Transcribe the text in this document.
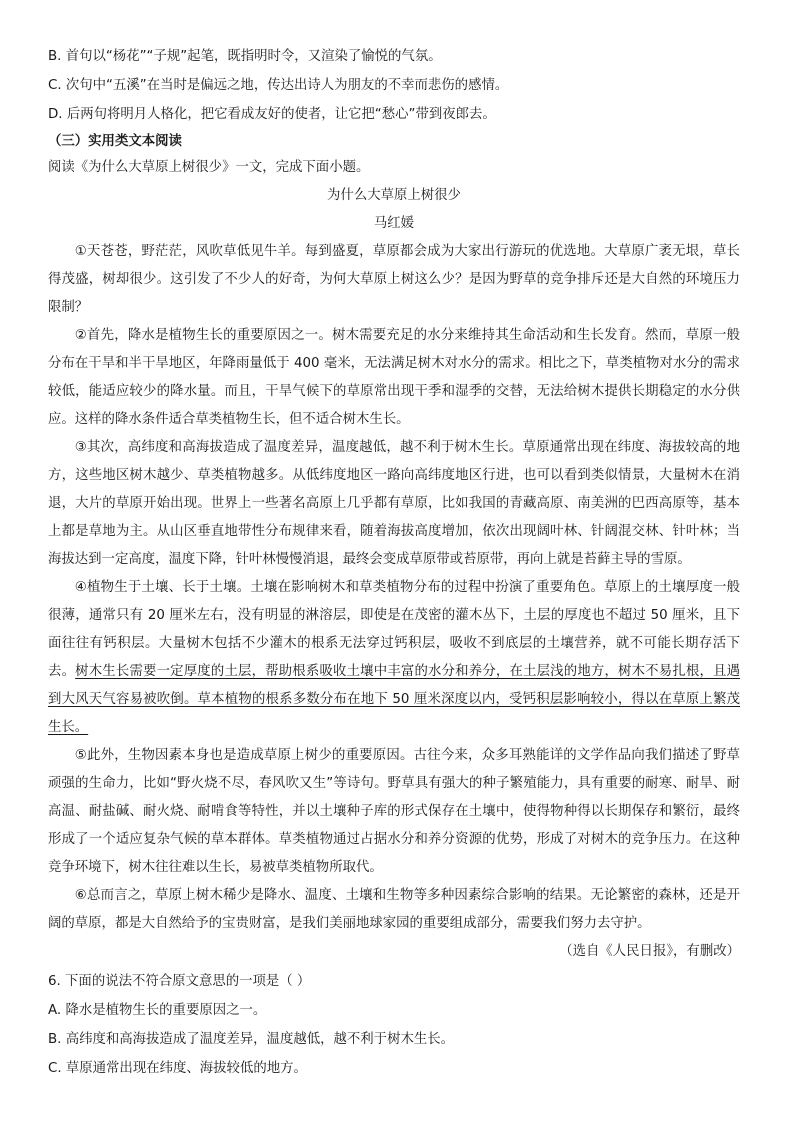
B. 首句以“杨花”“子规”起笔，既指明时令，又渲染了愉悦的气氛。
C. 次句中“五溪”在当时是偏远之地，传达出诗人为朋友的不幸而悲伤的感情。
D. 后两句将明月人格化，把它看成友好的使者，让它把“愁心”带到夜郎去。
（三）实用类文本阅读
阅读《为什么大草原上树很少》一文，完成下面小题。
为什么大草原上树很少
马红媛

①天苍苍，野茫茫，风吹草低见牛羊。每到盛夏，草原都会成为大家出行游玩的优选地。大草原广袤无垠，草长得茂盛，树却很少。这引发了不少人的好奇，为何大草原上树这么少？是因为野草的竞争排斥还是大自然的环境压力限制？

②首先，降水是植物生长的重要原因之一。树木需要充足的水分来维持其生命活动和生长发育。然而，草原一般分布在干旱和半干旱地区，年降雨量低于 400 毫米，无法满足树木对水分的需求。相比之下，草类植物对水分的需求较低，能适应较少的降水量。而且，干旱气候下的草原常出现干季和湿季的交替，无法给树木提供长期稳定的水分供应。这样的降水条件适合草类植物生长，但不适合树木生长。

③其次，高纬度和高海拔造成了温度差异，温度越低，越不利于树木生长。草原通常出现在纬度、海拔较高的地方，这些地区树木越少、草类植物越多。从低纬度地区一路向高纬度地区行进，也可以看到类似情景，大量树木在消退，大片的草原开始出现。世界上一些著名高原上几乎都有草原，比如我国的青藏高原、南美洲的巴西高原等，基本上都是草地为主。从山区垂直地带性分布规律来看，随着海拔高度增加，依次出现阔叶林、针阔混交林、针叶林；当海拔达到一定高度，温度下降，针叶林慢慢消退，最终会变成草原带或苔原带，再向上就是苔藓主导的雪原。

④植物生于土壤、长于土壤。土壤在影响树木和草类植物分布的过程中扮演了重要角色。草原上的土壤厚度一般很薄，通常只有 20 厘米左右，没有明显的淋溶层，即使是在茂密的灌木丛下，土层的厚度也不超过 50 厘米，且下面往往有钙积层。大量树木包括不少灌木的根系无法穿过钙积层，吸收不到底层的土壤营养，就不可能长期存活下去。树木生长需要一定厚度的土层，帮助根系吸收土壤中丰富的水分和养分，在土层浅的地方，树木不易扎根，且遇到大风天气容易被吹倒。草本植物的根系多数分布在地下 50 厘米深度以内，受钙积层影响较小，得以在草原上繁茂生长。

⑤此外，生物因素本身也是造成草原上树少的重要原因。古往今来，众多耳熟能详的文学作品向我们描述了野草顽强的生命力，比如“野火烧不尽，春风吹又生”等诗句。野草具有强大的种子繁殖能力，具有重要的耐寒、耐旱、耐高温、耐盐碱、耐火烧、耐啃食等特性，并以土壤种子库的形式保存在土壤中，使得物种得以长期保存和繁衍，最终形成了一个适应复杂气候的草本群体。草类植物通过占据水分和养分资源的优势，形成了对树木的竞争压力。在这种竞争环境下，树木往往难以生长，易被草类植物所取代。

⑥总而言之，草原上树木稀少是降水、温度、土壤和生物等多种因素综合影响的结果。无论繁密的森林，还是开阔的草原，都是大自然给予的宝贵财富，是我们美丽地球家园的重要组成部分，需要我们努力去守护。

（选自《人民日报》，有删改）
6. 下面的说法不符合原文意思的一项是（ ）
A. 降水是植物生长的重要原因之一。
B. 高纬度和高海拔造成了温度差异，温度越低，越不利于树木生长。
C. 草原通常出现在纬度、海拔较低的地方。
